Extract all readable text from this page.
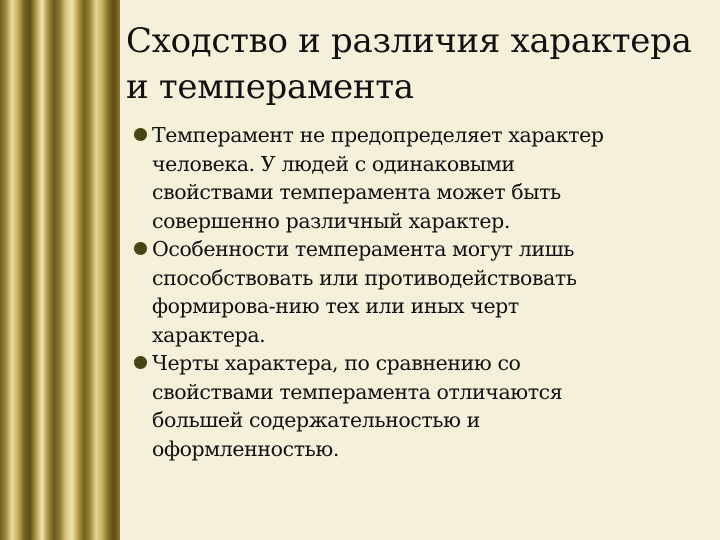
Сходство и различия характера
и темперамента
Темперамент не предопределяет характер
человека. У людей с одинаковыми
свойствами темперамента может быть
совершенно различный характер.
Особенности темперамента могут лишь
способствовать или противодействовать
формирова-нию тех или иных черт
характера.
Черты характера, по сравнению со
свойствами темперамента отличаются
большей содержательностью и
оформленностью.
